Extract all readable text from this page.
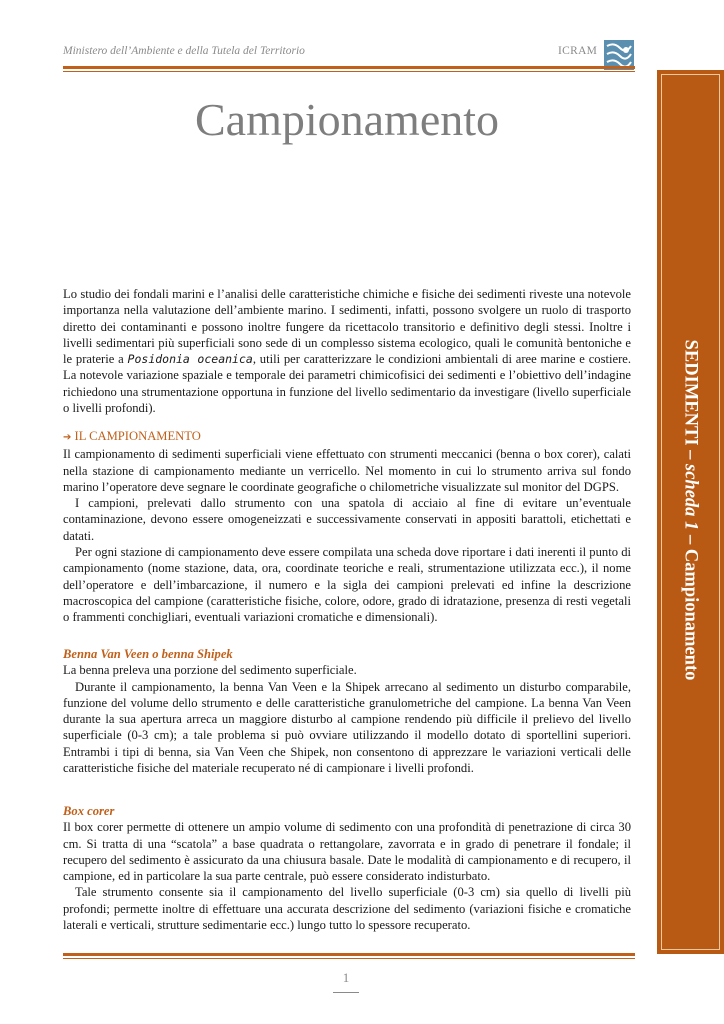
Ministero dell’Ambiente e della Tutela del Territorio	ICRAM
SEDIMENTI – scheda 1 – Campionamento
Campionamento

Lo studio dei fondali marini e l’analisi delle caratteristiche chimiche e fisiche dei sedimenti riveste una notevole importanza nella valutazione dell’ambiente marino. I sedimenti, infatti, possono svolgere un ruolo di trasporto diretto dei contaminanti e possono inoltre fungere da ricettacolo transitorio e definitivo degli stessi. Inoltre i livelli sedimentari più superficiali sono sede di un complesso sistema ecologico, quali le comunità bentoniche e le praterie a Posidonia oceanica, utili per caratterizzare le condizioni ambientali di aree marine e costiere. La notevole variazione spaziale e temporale dei parametri chimicofisici dei sedimenti e l’obiettivo dell’indagine richiedono una strumentazione opportuna in funzione del livello sedimentario da investigare (livello superficiale o livelli profondi).

➔ IL CAMPIONAMENTO

Il campionamento di sedimenti superficiali viene effettuato con strumenti meccanici (benna o box corer), calati nella stazione di campionamento mediante un verricello. Nel momento in cui lo strumento arriva sul fondo marino l’operatore deve segnare le coordinate geografiche o chilometriche visualizzate sul monitor del DGPS.

I campioni, prelevati dallo strumento con una spatola di acciaio al fine di evitare un’eventuale contaminazione, devono essere omogeneizzati e successivamente conservati in appositi barattoli, etichettati e datati.

Per ogni stazione di campionamento deve essere compilata una scheda dove riportare i dati inerenti il punto di campionamento (nome stazione, data, ora, coordinate teoriche e reali, strumentazione utilizzata ecc.), il nome dell’operatore e dell’imbarcazione, il numero e la sigla dei campioni prelevati ed infine la descrizione macroscopica del campione (caratteristiche fisiche, colore, odore, grado di idratazione, presenza di resti vegetali o frammenti conchigliari, eventuali variazioni cromatiche e dimensionali).

Benna Van Veen o benna Shipek

La benna preleva una porzione del sedimento superficiale.

Durante il campionamento, la benna Van Veen e la Shipek arrecano al sedimento un disturbo comparabile, funzione del volume dello strumento e delle caratteristiche granulometriche del campione. La benna Van Veen durante la sua apertura arreca un maggiore disturbo al campione rendendo più difficile il prelievo del livello superficiale (0-3 cm); a tale problema si può ovviare utilizzando il modello dotato di sportellini superiori. Entrambi i tipi di benna, sia Van Veen che Shipek, non consentono di apprezzare le variazioni verticali delle caratteristiche fisiche del materiale recuperato né di campionare i livelli profondi.

Box corer

Il box corer permette di ottenere un ampio volume di sedimento con una profondità di penetrazione di circa 30 cm. Si tratta di una “scatola” a base quadrata o rettangolare, zavorrata e in grado di penetrare il fondale; il recupero del sedimento è assicurato da una chiusura basale. Date le modalità di campionamento e di recupero, il campione, ed in particolare la sua parte centrale, può essere considerato indisturbato.

Tale strumento consente sia il campionamento del livello superficiale (0-3 cm) sia quello di livelli più profondi; permette inoltre di effettuare una accurata descrizione del sedimento (variazioni fisiche e cromatiche laterali e verticali, strutture sedimentarie ecc.) lungo tutto lo spessore recuperato.

1
